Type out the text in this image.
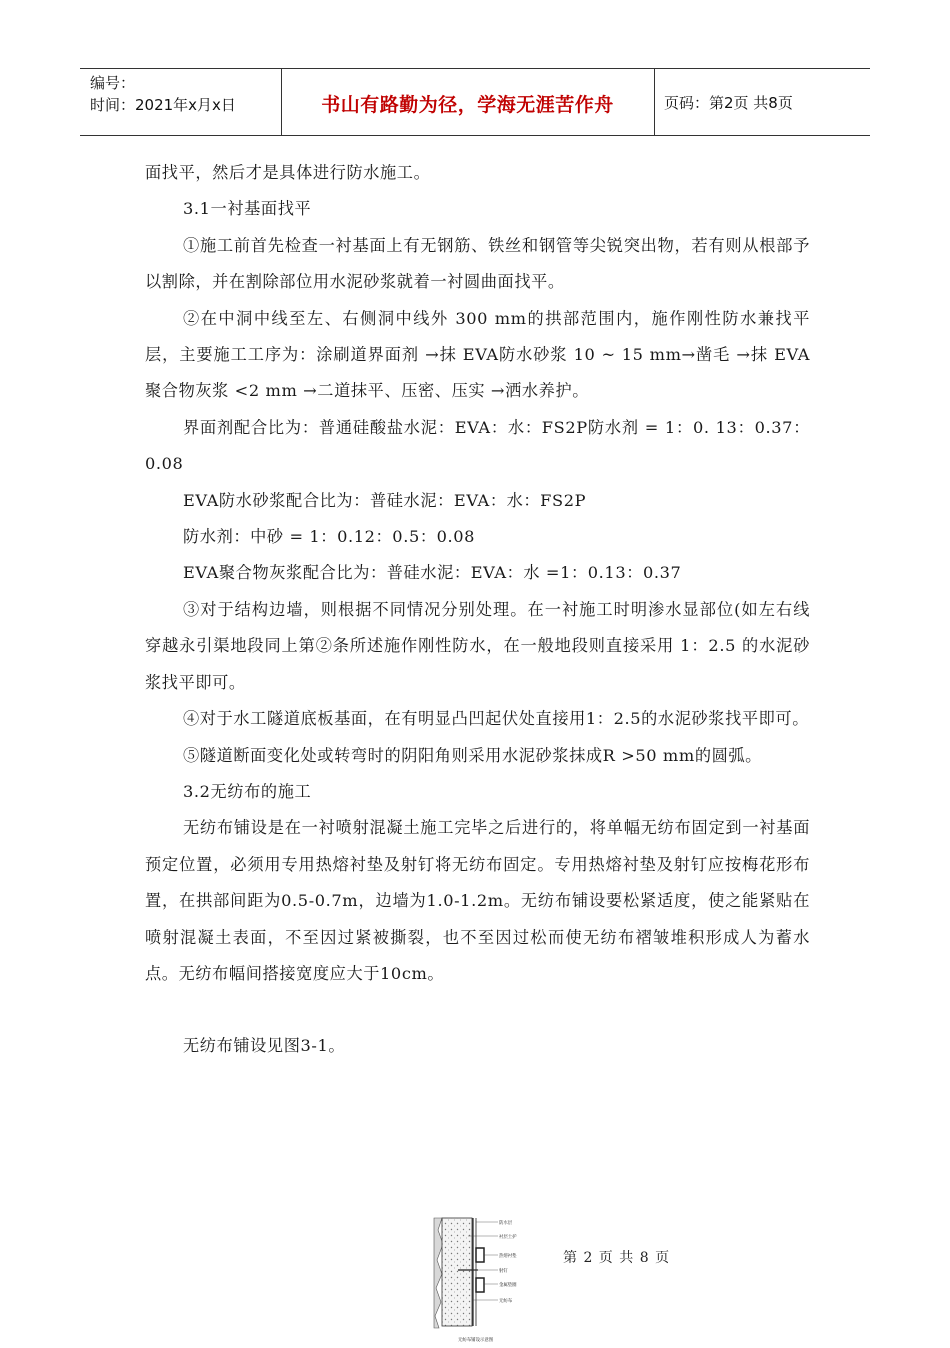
编号：
时间：2021年x月x日	书山有路勤为径，学海无涯苦作舟	页码：第2页 共8页

面找平，然后才是具体进行防水施工。

3.1一衬基面找平

①施工前首先检查一衬基面上有无钢筋、铁丝和钢管等尖锐突出物，若有则从根部予以割除，并在割除部位用水泥砂浆就着一衬圆曲面找平。

②在中洞中线至左、右侧洞中线外 300 mm的拱部范围内，施作刚性防水兼找平层，主要施工工序为：涂刷道界面剂 →抹 EVA防水砂浆 10 ~ 15 mm→凿毛 →抹 EVA聚合物灰浆 <2 mm →二道抹平、压密、压实 →洒水养护。

界面剂配合比为：普通硅酸盐水泥：EVA：水：FS2P防水剂 = 1：0. 13：0.37：0.08

EVA防水砂浆配合比为：普硅水泥：EVA：水：FS2P

防水剂：中砂 = 1：0.12：0.5：0.08

EVA聚合物灰浆配合比为：普硅水泥：EVA：水 =1：0.13：0.37

③对于结构边墙，则根据不同情况分别处理。在一衬施工时明渗水显部位(如左右线穿越永引渠地段同上第②条所述施作刚性防水，在一般地段则直接采用 1：2.5 的水泥砂浆找平即可。

④对于水工隧道底板基面，在有明显凸凹起伏处直接用1：2.5的水泥砂浆找平即可。

⑤隧道断面变化处或转弯时的阴阳角则采用水泥砂浆抹成R >50 mm的圆弧。

3.2无纺布的施工

无纺布铺设是在一衬喷射混凝土施工完毕之后进行的，将单幅无纺布固定到一衬基面预定位置，必须用专用热熔衬垫及射钉将无纺布固定。专用热熔衬垫及射钉应按梅花形布置，在拱部间距为0.5-0.7m，边墙为1.0-1.2m。无纺布铺设要松紧适度，使之能紧贴在喷射混凝土表面，不至因过紧被撕裂，也不至因过松而使无纺布褶皱堆积形成人为蓄水点。无纺布幅间搭接宽度应大于10cm。

无纺布铺设见图3-1。

防水层
衬层土护
热熔衬垫
射钉
金属垫圈
无纺布
无纺布铺设示意图
第 2 页 共 8 页
